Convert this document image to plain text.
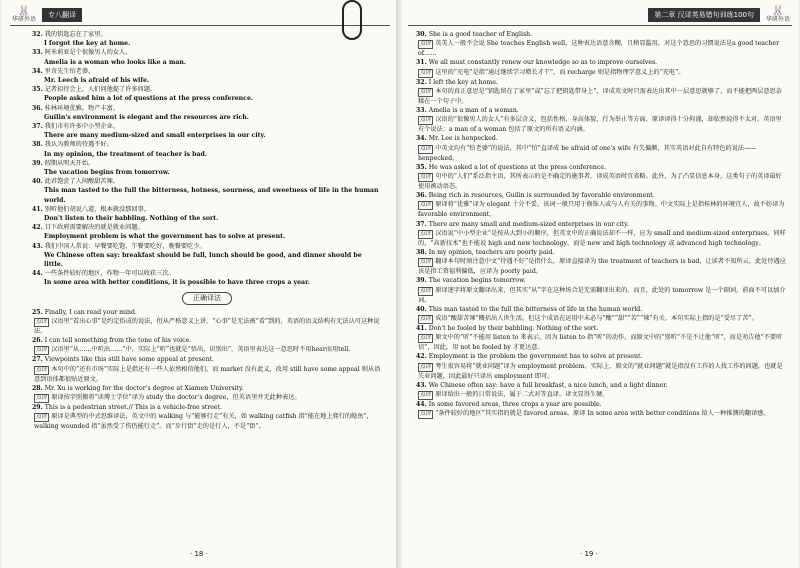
🐰
华研外语
专八翻译
32. 我的钥匙忘在了家里。
I forgot the key at home.
33. 阿米莉亚是个很像男人的女人。
Amelia is a woman who looks like a man.
34. 里奇先生怕老婆。
Mr. Leech is afraid of his wife.
35. 记者招待会上，人们问他提了许多问题。
People asked him a lot of questions at the press conference.
36. 桂林环境优雅，物产丰富。
Guilin's environment is elegant and the resources are rich.
37. 我们市有许多中小型企业。
There are many medium-sized and small enterprises in our city.
38. 我认为教师的待遇不好。
In my opinion, the treatment of teacher is bad.
39. 假期从明天开始。
The vacation begins from tomorrow.
40. 此君饱尝了人间酸甜苦辣。
This man tasted to the full the bitterness, hotness, sourness, and sweetness of life in the human world.
41. 别听他们胡说八道，根本就没那回事。
Don't listen to their babbling. Nothing of the sort.
42. 目下政府需要解决的就是就业问题。
Employment problem is what the government has to solve at present.
43. 我们中国人常说：早餐要吃饱，午餐要吃好，晚餐要吃少。
We Chinese often say: breakfast should be full, lunch should be good, and dinner should be little.
44. 一些条件较好的地区，作物一年可以收获三次。
In some area with better conditions, it is possible to have three crops a year.
正确译法
25. Finally, I can read your mind.
点评 汉语里“看出心事”是约定俗成的说法，但从严格意义上讲，“心事”是无法被“看”到的，英语的语义结构有无法认可这种说法。
26. I can tell something from the tone of his voice.
点评 汉语里“从……中听出……”中，实际上“听”也就是“悟出，识别出”，英语里表达这一意思时不用hear而用tell。
27. Viewpoints like this still have some appeal at present.
点评 本句中的“还有市场”实际上是指还有一些人依然相信他们，而 market 没有此义，改用 still have some appeal 则从语意到语体都很贴近原文。
28. Mr. Xu is working for the doctor's degree at Xiamen University.
点评 原译按字照搬将“读博士学位”译为 study the doctor's degree，但英语里并无此种表达。
29. This is a pedestrian street.// This is a vehicle-free street.
点评 原译是典型的中式思维译法，英文中的 walking 与“能够行走”有关，如 walking catfish 指“能在地上爬行的鲶鱼”，walking wounded 指“虽然受了伤仍能行走”。而“步行街”走的是行人，不是“街”。
· 18 ·
第二章 汉译英易错句训练100句	🐰
华研外语
30. She is a good teacher of English.
点评 英美人一般不会说 She teaches English well，这种表达语意含糊，且稍显滥用，对这个意思的习惯说法是a good teacher of……
31. We all must constantly renew our knowledge so as to improve ourselves.
点评 这里的“充电”是指“通过继续学习增长才干”，而 recharge 则是指物理学意义上的“充电”。
32. I left the key at home.
点评 本句的真正意思是“钥匙留在了家里”或“忘了把钥匙带身上”，译成英文时只需表达出其中一层意思就够了，而不能把两层意思杂糅在一个句子中。
33. Amelia is a man of a woman.
点评 汉语的“很像男人的女人”有多层含义，包括性格、身高体貌、行为举止等方面，原译译得十分拘谨，却依然说得不太对。英语里有个说法：a man of a woman 包括了原文的所有语义内涵。
34. Mr. Lee is henpecked.
点评 中英文均有“怕老婆”的说法，其中“怕”直译成 be afraid of one's wife 有失偏颇，其实英语对此自有特色的说法——henpecked。
35. He was asked a lot of questions at the press conference.
点评 句中的“人们”系泛指主语，其所表示的是不确定的施事者，译成英语时宜省略。此外，为了凸显信息本身，这类句子的英译最好使用被动语态。
36. Being rich in resources, Guilin is surrounded by favorable environment.
点评 原译将“优雅”译为 elegant 十分不妥，该词一般只用于修饰人或与人有关的事物。中文实际上是指桂林的环境宜人，故不妨译为 favorable environment。
37. There are many small and medium-sized enterprises in our city.
点评 汉语说“中小型企业”是按从大到小的顺序，但英文中的正确说法却不一样，应为 small and medium-sized enterprises。同样的，“高新技术”也不能说 high and new technology，而是 new and high technology 或 advanced high technology。
38. In my opinion, teachers are poorly paid.
点评 翻译本句时须注意中文“待遇不好”是指什么，原译直接译为 the treatment of teachers is bad，让读者不知所云。此处待遇应该是指工资福利偏低，应译为 poorly paid。
39. The vacation begins tomorrow.
点评 原译逐字将原文翻译出来，但其实“从”字在这种场合是无需翻译出来的。而且，此处的 tomorrow 是一个副词，前面不可以加介词。
40. This man tasted to the full the bitterness of life in the human world.
点评 成语“酸甜苦辣”概括出人世生活，但这个成语在运用中未必与“酸”“甜”“苦”“辣”有关，本句实际上指的是“受尽了苦”。
41. Don't be fooled by their babbling. Nothing of the sort.
点评 原文中的“听”不能用 listen to 来表示，因为 listen to 指“听”的动作，而原文中的“别听”不是不让他“听”，而是劝告他“不要听信”，因此，用 not be fooled by 才更达意。
42. Employment is the problem the government has to solve at present.
点评 考生很容易将“就业问题”译为 employment problem。实际上，原文的“就业问题”就是指没有工作的人找工作的问题，也就是失业问题，因此最好只译出 employment 即可。
43. We Chinese often say: have a full breakfast, a nice lunch, and a light dinner.
点评 原译给出一般的日常说法，属于二式对等直译，译文显得生硬。
44. In some favored areas, three crops a year are possible.
点评 “条件较好的地区”其实指的就是 favored areas。原译 In some area with better conditions 给人一种推测的翻译感。
· 19 ·
